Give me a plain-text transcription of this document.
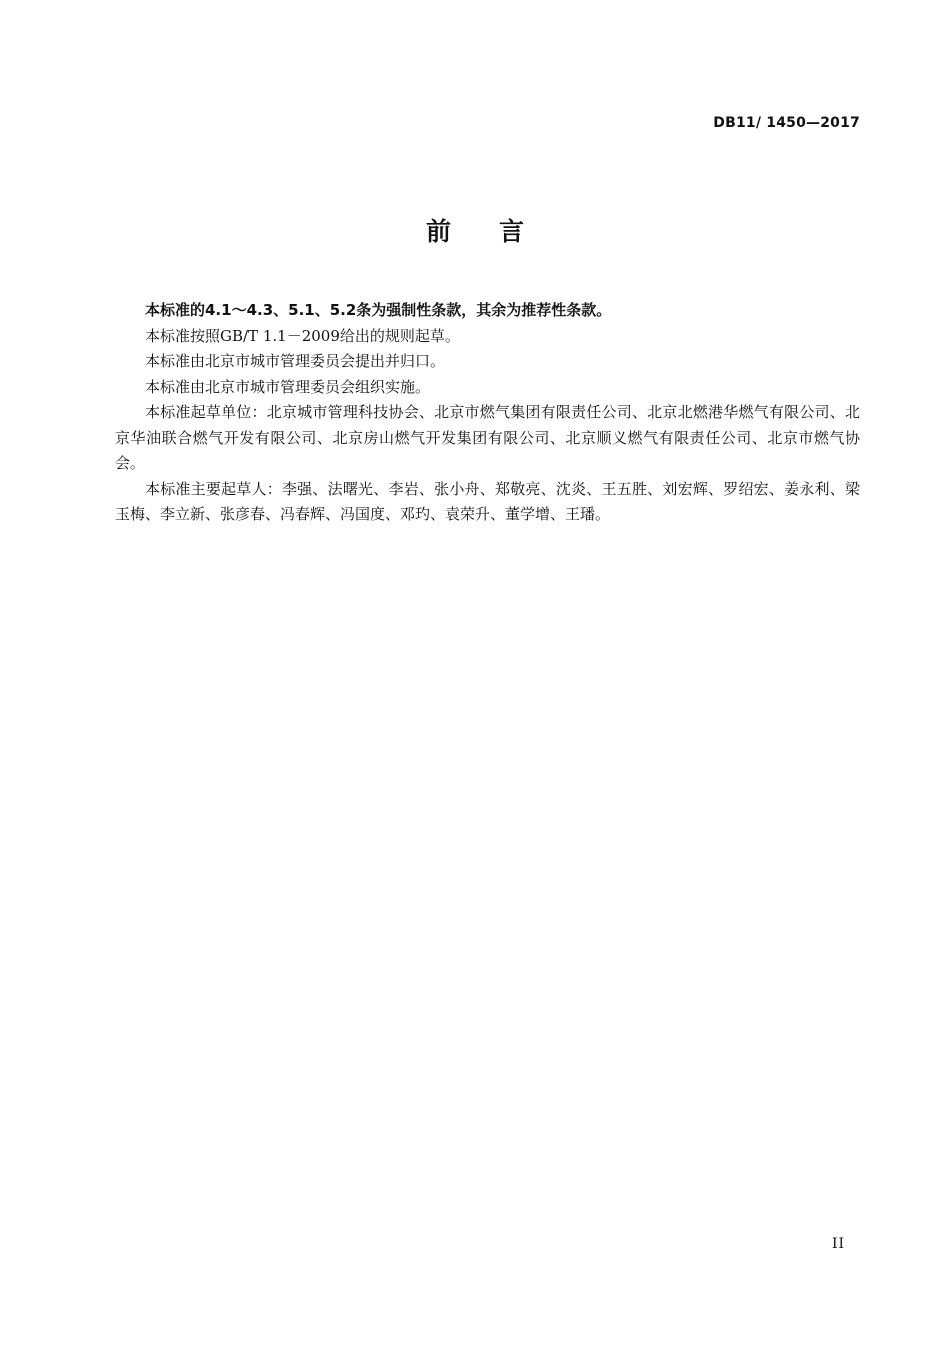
DB11/ 1450—2017
前言

本标准的4.1～4.3、5.1、5.2条为强制性条款，其余为推荐性条款。

本标准按照GB/T 1.1－2009给出的规则起草。

本标准由北京市城市管理委员会提出并归口。

本标准由北京市城市管理委员会组织实施。

本标准起草单位：北京城市管理科技协会、北京市燃气集团有限责任公司、北京北燃港华燃气有限公司、北京华油联合燃气开发有限公司、北京房山燃气开发集团有限公司、北京顺义燃气有限责任公司、北京市燃气协会。

本标准主要起草人：李强、法曙光、李岩、张小舟、郑敬亮、沈炎、王五胜、刘宏辉、罗绍宏、姜永利、梁玉梅、李立新、张彦春、冯春辉、冯国度、邓玓、袁荣升、董学增、王璠。

II
